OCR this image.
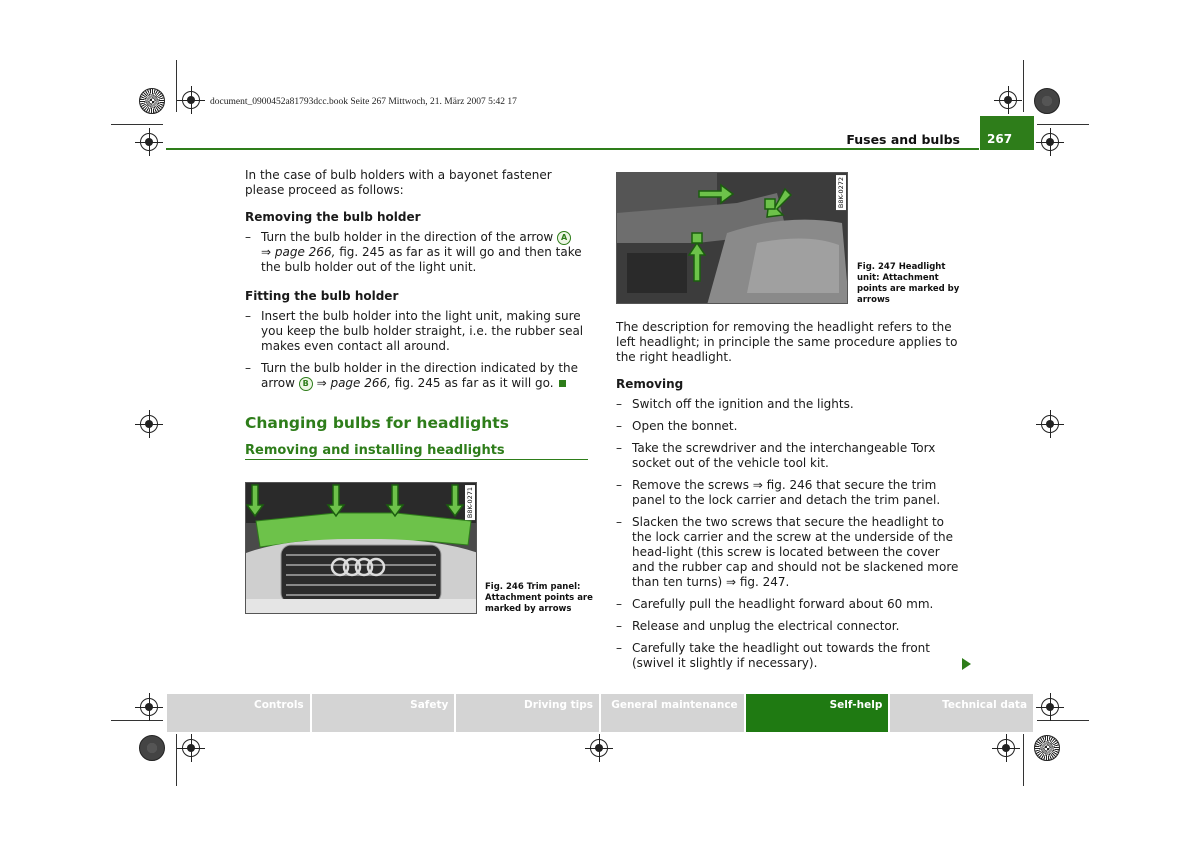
document_0900452a81793dcc.book Seite 267 Mittwoch, 21. März 2007 5:42 17
Fuses and bulbs	267

In the case of bulb holders with a bayonet fastener please proceed as follows:

Removing the bulb holder
– Turn the bulb holder in the direction of the arrow A
⇒ page 266, fig. 245 as far as it will go and then take the bulb holder out of the light unit.
Fitting the bulb holder
– Insert the bulb holder into the light unit, making sure you keep the bulb holder straight, i.e. the rubber seal makes even contact all around.
– Turn the bulb holder in the direction indicated by the arrow B ⇒ page 266, fig. 245 as far as it will go.
Changing bulbs for headlights
Removing and installing headlights
B8K-0271
Fig. 246 Trim panel:
Attachment points are
marked by arrows
B8K-0272
Fig. 247 Headlight
unit: Attachment
points are marked by
arrows

The description for removing the headlight refers to the left headlight; in principle the same procedure applies to the right headlight.

Removing
– Switch off the ignition and the lights.
– Open the bonnet.
– Take the screwdriver and the interchangeable Torx socket out of the vehicle tool kit.
– Remove the screws ⇒ fig. 246 that secure the trim panel to the lock carrier and detach the trim panel.
– Slacken the two screws that secure the headlight to the lock carrier and the screw at the underside of the head-light (this screw is located between the cover and the rubber cap and should not be slackened more than ten turns) ⇒ fig. 247.
– Carefully pull the headlight forward about 60 mm.
– Release and unplug the electrical connector.
– Carefully take the headlight out towards the front (swivel it slightly if necessary).
Controls	Safety	Driving tips	General maintenance	Self-help	Technical data
